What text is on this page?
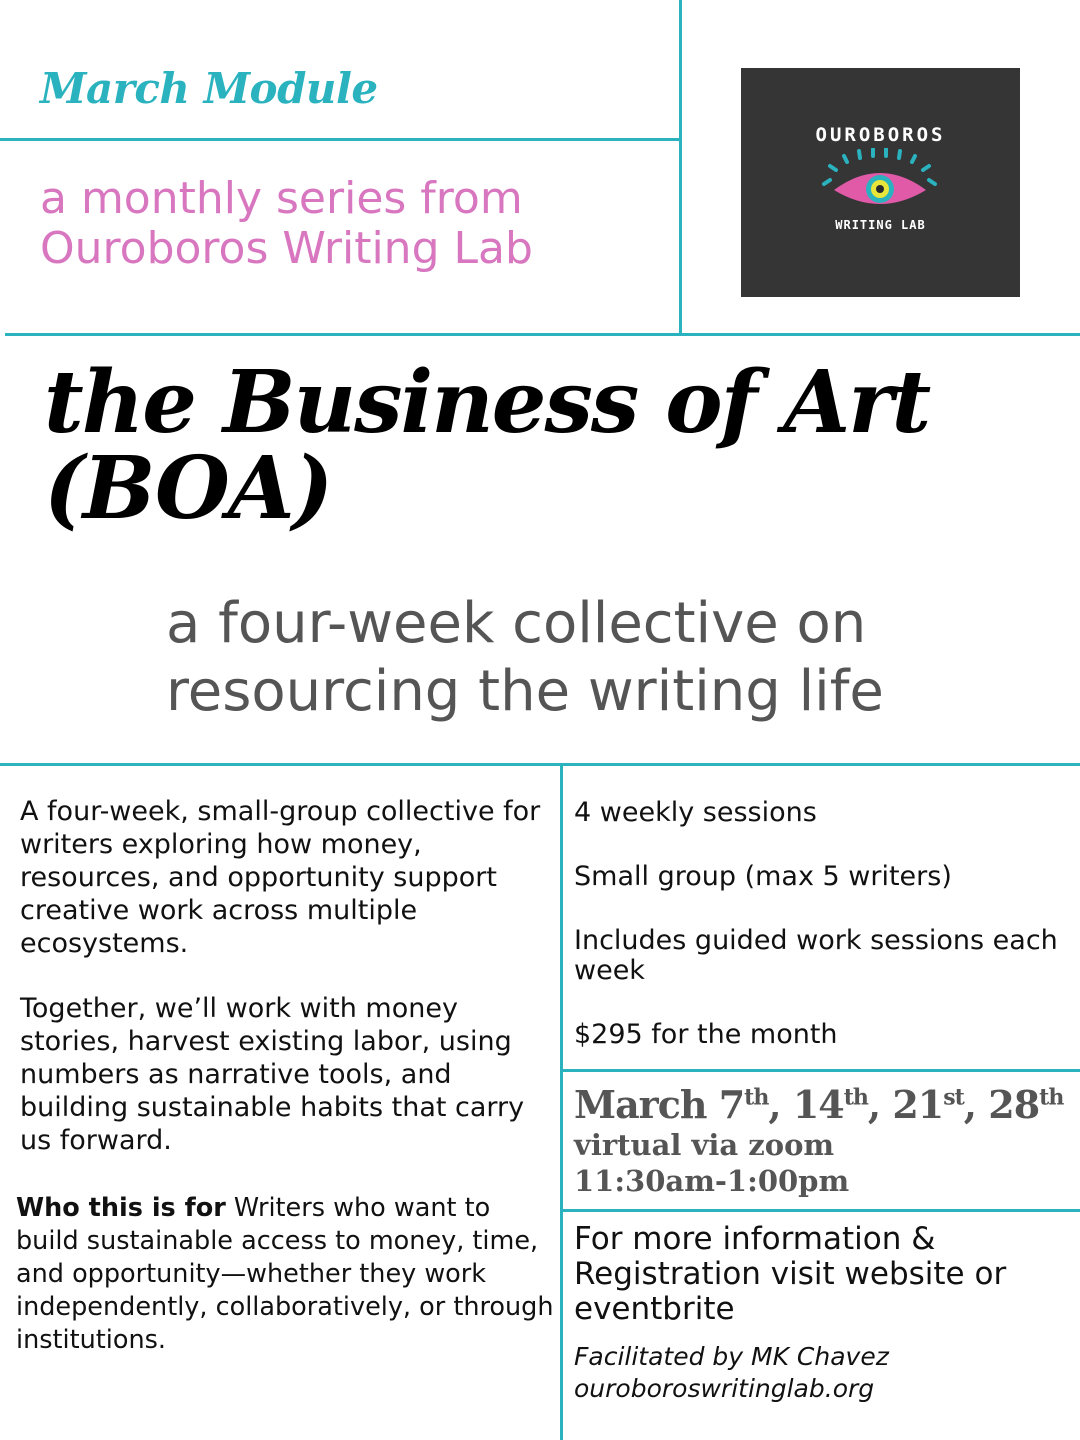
March Module

a monthly series from Ouroboros Writing Lab

OUROBOROS
WRITING LAB
the Business of Art (BOA)

a four-week collective on resourcing the writing life

A four-week, small-group collective for writers exploring how money, resources, and opportunity support creative work across multiple ecosystems.

Together, we’ll work with money stories, harvest existing labor, using numbers as narrative tools, and building sustainable habits that carry us forward.

Who this is for Writers who want to build sustainable access to money, time, and opportunity—whether they work independently, collaboratively, or through institutions.

4 weekly sessions

Small group (max 5 writers)

Includes guided work sessions each week

$295 for the month

March 7th, 14th, 21st, 28th

virtual via zoom

11:30am-1:00pm

For more information & Registration visit website or eventbrite

Facilitated by MK Chavez

ouroboroswritinglab.org
